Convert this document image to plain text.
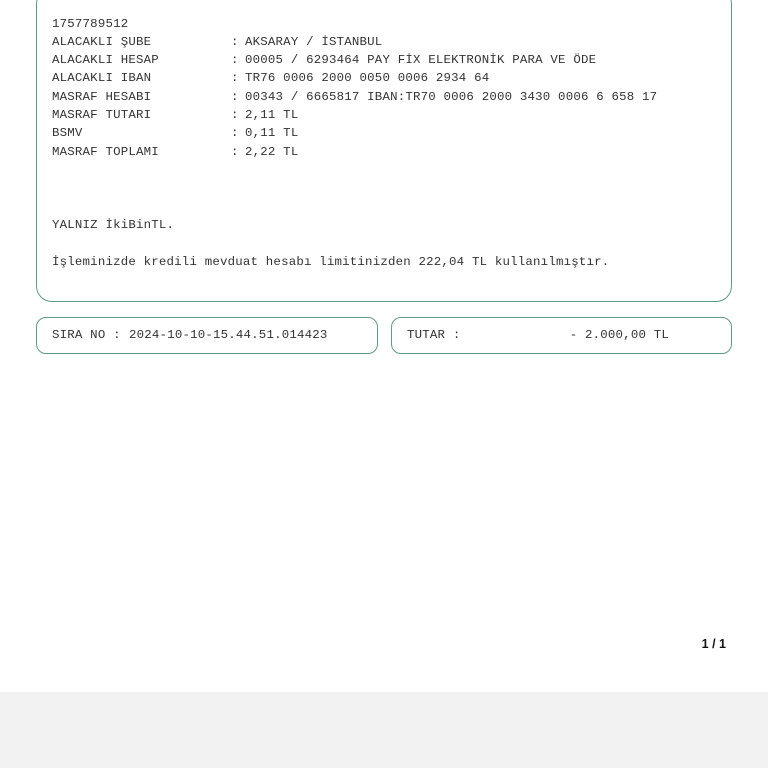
1757789512
ALACAKLI ŞUBE	: AKSARAY / İSTANBUL
ALACAKLI HESAP	: 00005 / 6293464 PAY FİX ELEKTRONİK PARA VE ÖDE
ALACAKLI IBAN	: TR76 0006 2000 0050 0006 2934 64
MASRAF HESABI	: 00343 / 6665817 IBAN:TR70 0006 2000 3430 0006 6 658 17
MASRAF TUTARI	: 2,11 TL
BSMV	: 0,11 TL
MASRAF TOPLAMI	: 2,22 TL
YALNIZ İkiBinTL.
İşleminizde kredili mevduat hesabı limitinizden 222,04 TL kullanılmıştır.
SIRA NO : 2024-10-10-15.44.51.014423	TUTAR :	- 2.000,00 TL
1 / 1
